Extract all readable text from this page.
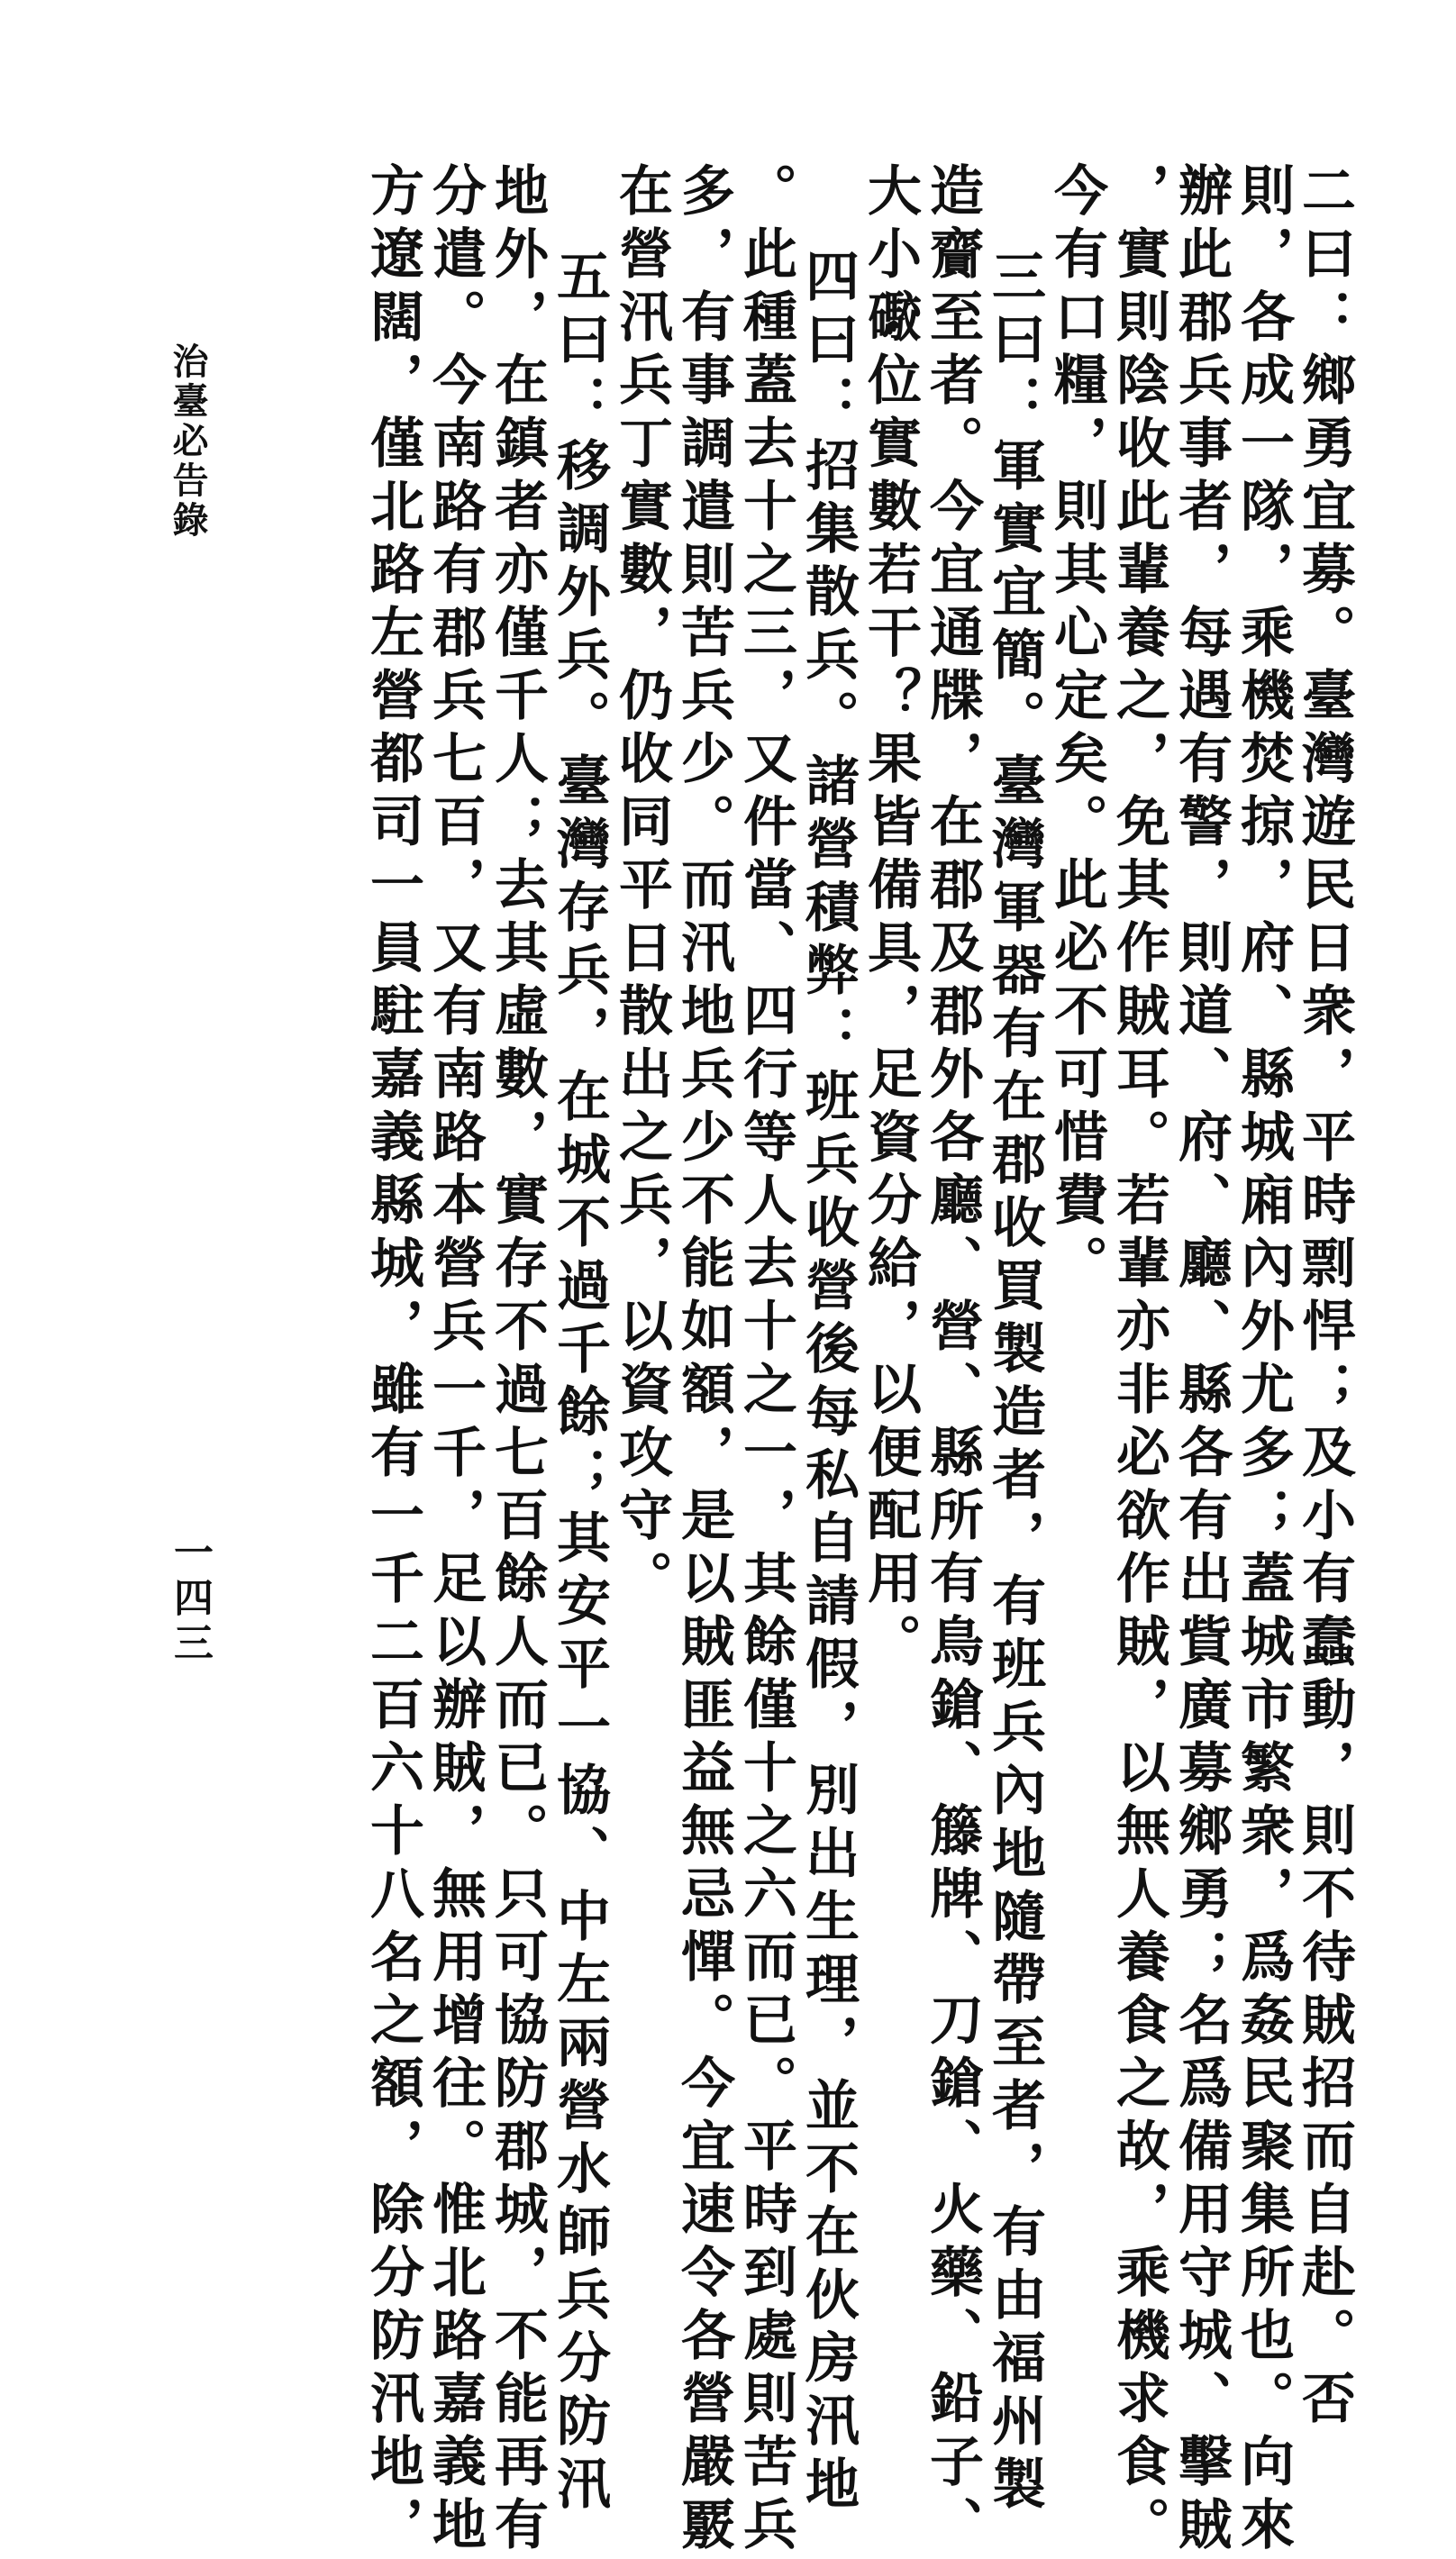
治臺必告錄
一四三	二曰：鄉勇宜募。臺灣遊民日衆，平時剽悍；及小有蠢動，則不待賊招而自赴。否
則，各成一隊，乘機焚掠，府、縣城廂內外尤多；蓋城市繁衆，爲姦民聚集所也。向來
辦此郡兵事者，每遇有警，則道、府、廳、縣各有出貲廣募鄉勇；名爲備用守城、擊賊
，實則陰收此輩養之，免其作賊耳。若輩亦非必欲作賊，以無人養食之故，乘機求食。
今有口糧，則其心定矣。此必不可惜費。
三曰：軍實宜簡。臺灣軍器有在郡收買製造者，有班兵內地隨帶至者，有由福州製
造齎至者。今宜通牒，在郡及郡外各廳、營、縣所有鳥鎗、籐牌、刀鎗、火藥、鉛子、
大小礮位實數若干？果皆備具，足資分給，以便配用。
四曰：招集散兵。諸營積弊：班兵收營後每私自請假，別出生理，並不在伙房汛地
。此種蓋去十之三，又件當、四行等人去十之一，其餘僅十之六而已。平時到處則苦兵
多，有事調遣則苦兵少。而汛地兵少不能如額，是以賊匪益無忌憚。今宜速令各營嚴覈
在營汛兵丁實數，仍收同平日散出之兵，以資攻守。
五曰：移調外兵。臺灣存兵，在城不過千餘；其安平一協、中左兩營水師兵分防汛
地外，在鎮者亦僅千人；去其虛數，實存不過七百餘人而已。只可協防郡城，不能再有
分遣。今南路有郡兵七百，又有南路本營兵一千，足以辦賊，無用增往。惟北路嘉義地
方遼闊，僅北路左營都司一員駐嘉義縣城，雖有一千二百六十八名之額，除分防汛地，
